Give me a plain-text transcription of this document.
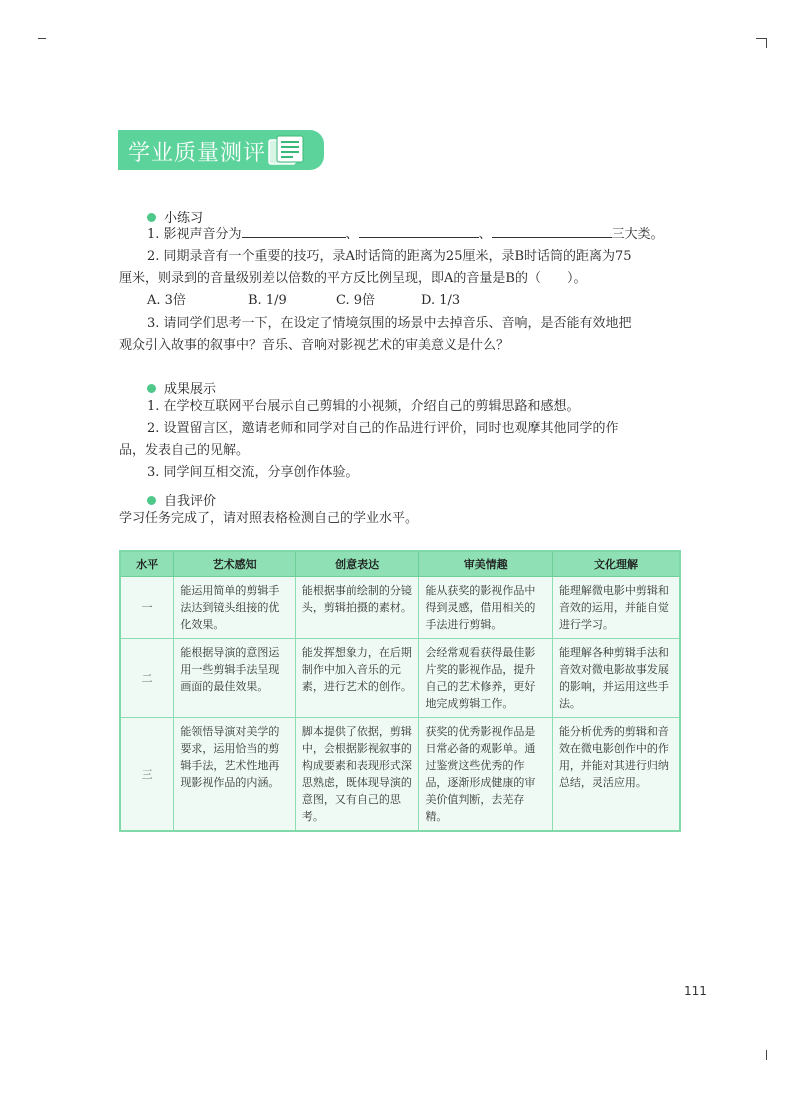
学业质量测评
小练习
1. 影视声音分为	、	、	三大类。
2. 同期录音有一个重要的技巧，录A时话筒的距离为25厘米，录B时话筒的距离为75
厘米，则录到的音量级别差以倍数的平方反比例呈现，即A的音量是B的（　　）。
A. 3倍	B. 1/9	C. 9倍	D. 1/3
3. 请同学们思考一下，在设定了情境氛围的场景中去掉音乐、音响，是否能有效地把
观众引入故事的叙事中？音乐、音响对影视艺术的审美意义是什么？
成果展示
1. 在学校互联网平台展示自己剪辑的小视频，介绍自己的剪辑思路和感想。
2. 设置留言区，邀请老师和同学对自己的作品进行评价，同时也观摩其他同学的作
品，发表自己的见解。
3. 同学间互相交流，分享创作体验。
自我评价
学习任务完成了，请对照表格检测自己的学业水平。
水平	艺术感知	创意表达	审美情趣	文化理解
一	能运用简单的剪辑手法达到镜头组接的优化效果。	能根据事前绘制的分镜头，剪辑拍摄的素材。	能从获奖的影视作品中得到灵感，借用相关的手法进行剪辑。	能理解微电影中剪辑和音效的运用，并能自觉进行学习。
二	能根据导演的意图运用一些剪辑手法呈现画面的最佳效果。	能发挥想象力，在后期制作中加入音乐的元素，进行艺术的创作。	会经常观看获得最佳影片奖的影视作品，提升自己的艺术修养，更好地完成剪辑工作。	能理解各种剪辑手法和音效对微电影故事发展的影响，并运用这些手法。
三	能领悟导演对美学的要求，运用恰当的剪辑手法，艺术性地再现影视作品的内涵。	脚本提供了依据，剪辑中，会根据影视叙事的构成要素和表现形式深思熟虑，既体现导演的意图，又有自己的思考。	获奖的优秀影视作品是日常必备的观影单。通过鉴赏这些优秀的作品，逐渐形成健康的审美价值判断，去芜存精。	能分析优秀的剪辑和音效在微电影创作中的作用，并能对其进行归纳总结，灵活应用。
111
